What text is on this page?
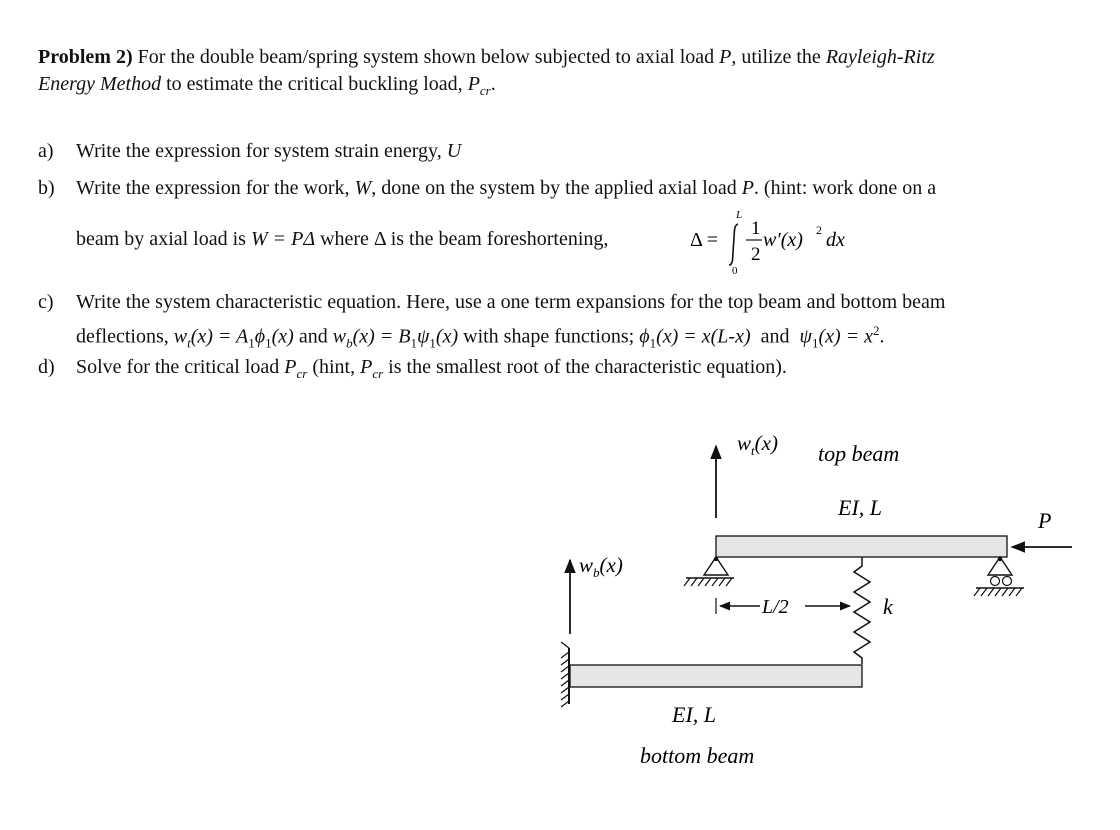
Problem 2) For the double beam/spring system shown below subjected to axial load P, utilize the Rayleigh-Ritz
Energy Method to estimate the critical buckling load, $P_{cr}$.
a)	Write the expression for system strain energy, U
b)	Write the expression for the work, W, done on the system by the applied axial load P. (hint: work done on a
beam by axial load is W = PΔ where Δ is the beam foreshortening,	Δ =
L
0
1
2
w′(x) 2 dx
c)	Write the system characteristic equation. Here, use a one term expansions for the top beam and bottom beam
deflections, $w_t(x) = A_1\phi_1(x)$ and $w_b(x) = B_1\psi_1(x)$ with shape functions; $\phi_1(x) = x(L-x)$ and $\psi_1(x) = x^2$.
d)	Solve for the critical load $P_{cr}$ (hint, $P_{cr}$ is the smallest root of the characteristic equation).
$w_t(x)$ top beam
EI, L
P
k
L/2
$w_b(x)$
EI, L
bottom beam
